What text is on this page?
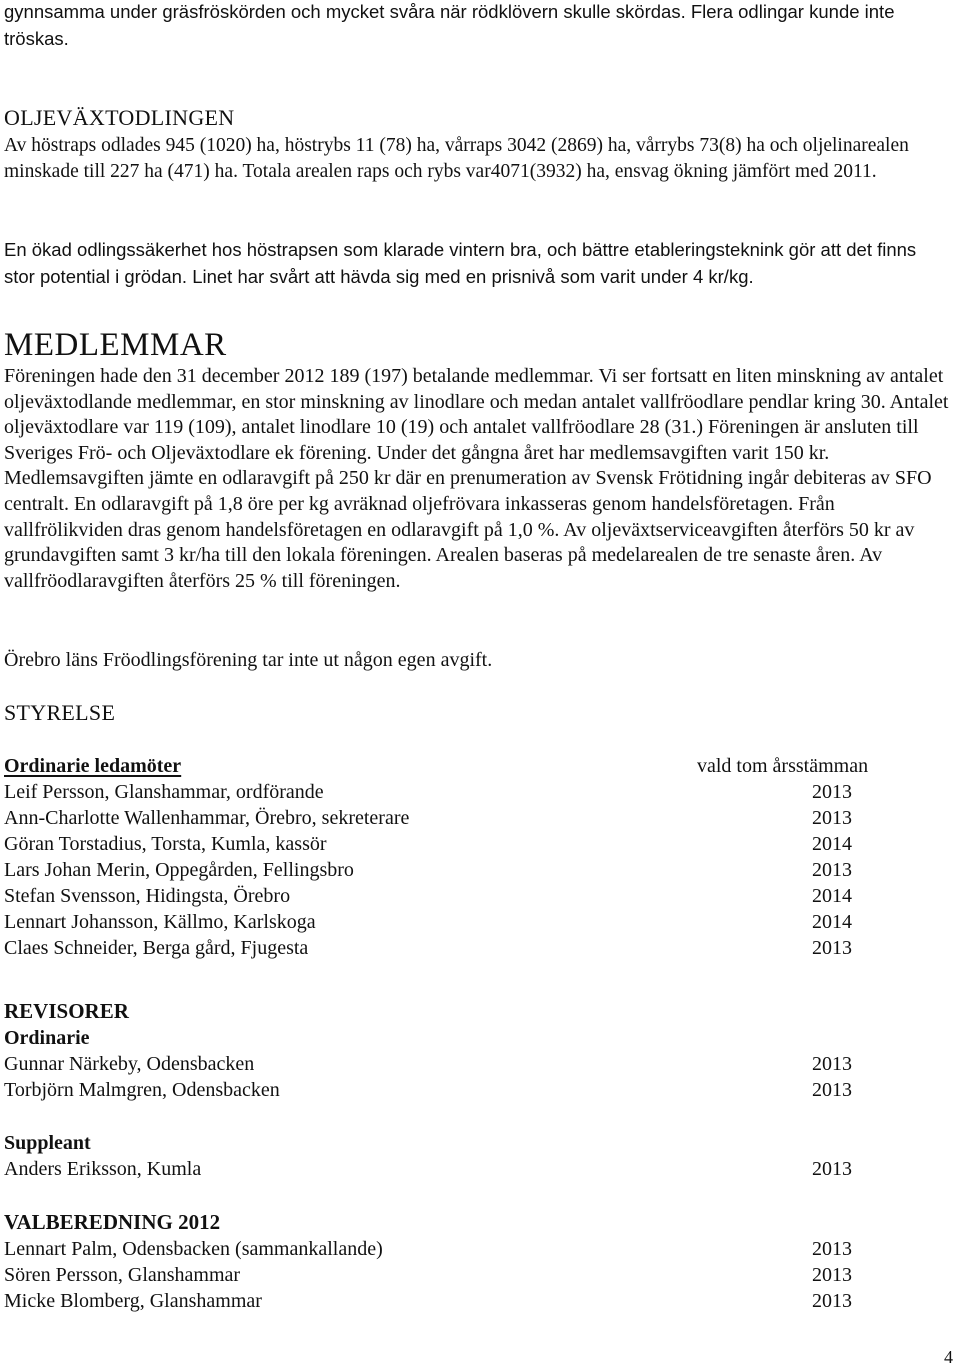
gynnsamma under gräsfröskörden och mycket svåra när rödklövern skulle skördas. Flera odlingar kunde inte tröskas.

OLJEVÄXTODLINGEN

Av höstraps odlades 945 (1020) ha, höstrybs 11 (78) ha, vårraps 3042 (2869) ha, vårrybs 73(8) ha och oljelinarealen minskade till 227 ha (471) ha. Totala arealen raps och rybs var4071(3932) ha, ensvag ökning jämfört med 2011.

En ökad odlingssäkerhet hos höstrapsen som klarade vintern bra, och bättre etableringsteknink gör att det finns stor potential i grödan. Linet har svårt att hävda sig med en prisnivå som varit under 4 kr/kg.

MEDLEMMAR

Föreningen hade den 31 december 2012 189 (197) betalande medlemmar. Vi ser fortsatt en liten minskning av antalet oljeväxtodlande medlemmar, en stor minskning av linodlare och medan antalet vallfröodlare pendlar kring 30. Antalet oljeväxtodlare var 119 (109), antalet linodlare 10 (19) och antalet vallfröodlare 28 (31.) Föreningen är ansluten till Sveriges Frö- och Oljeväxtodlare ek förening. Under det gångna året har medlemsavgiften varit 150 kr. Medlemsavgiften jämte en odlaravgift på 250 kr där en prenumeration av Svensk Frötidning ingår debiteras av SFO centralt. En odlaravgift på 1,8 öre per kg avräknad oljefrövara inkasseras genom handelsföretagen. Från vallfrölikviden dras genom handelsföretagen en odlaravgift på 1,0 %. Av oljeväxtserviceavgiften återförs 50 kr av grundavgiften samt 3 kr/ha till den lokala föreningen. Arealen baseras på medelarealen de tre senaste åren. Av vallfröodlaravgiften återförs 25 % till föreningen.

Örebro läns Fröodlingsförening tar inte ut någon egen avgift.

STYRELSE
Ordinarie ledamöter	vald tom årsstämman
Leif Persson, Glanshammar, ordförande	2013
Ann-Charlotte Wallenhammar, Örebro, sekreterare	2013
Göran Torstadius, Torsta, Kumla, kassör	2014
Lars Johan Merin, Oppegården, Fellingsbro	2013
Stefan Svensson, Hidingsta, Örebro	2014
Lennart Johansson, Källmo, Karlskoga	2014
Claes Schneider, Berga gård, Fjugesta	2013
REVISORER
Ordinarie
Gunnar Närkeby, Odensbacken	2013
Torbjörn Malmgren, Odensbacken	2013
Suppleant
Anders Eriksson, Kumla	2013
VALBEREDNING 2012
Lennart Palm, Odensbacken (sammankallande)	2013
Sören Persson, Glanshammar	2013
Micke Blomberg, Glanshammar	2013
4
